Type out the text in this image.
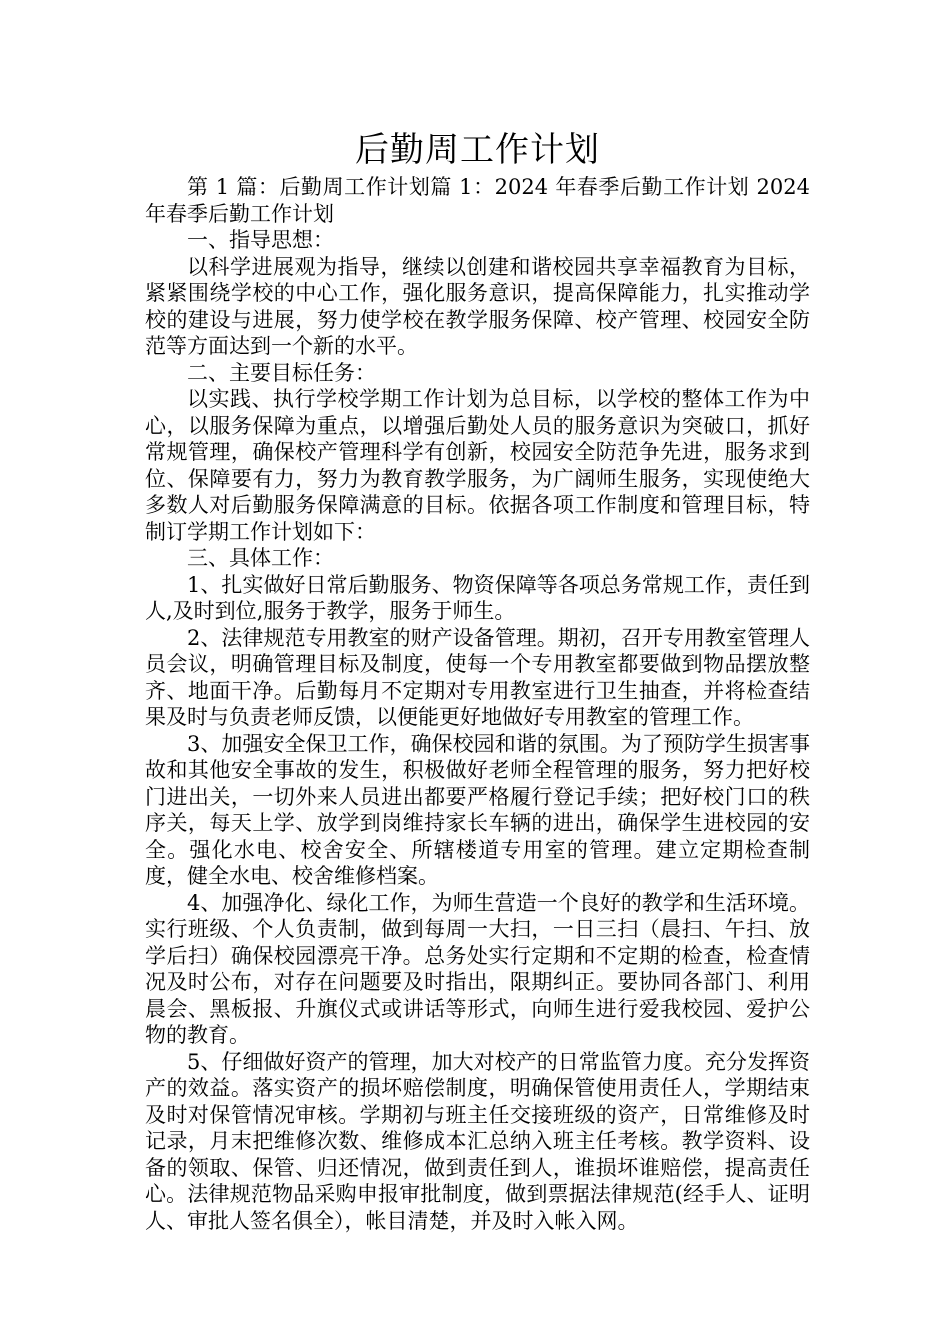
后勤周工作计划

第 1 篇：后勤周工作计划篇 1：2024 年春季后勤工作计划 2024 年春季后勤工作计划

一、指导思想：

以科学进展观为指导，继续以创建和谐校园共享幸福教育为目标，紧紧围绕学校的中心工作，强化服务意识，提高保障能力，扎实推动学校的建设与进展，努力使学校在教学服务保障、校产管理、校园安全防范等方面达到一个新的水平。

二、主要目标任务：

以实践、执行学校学期工作计划为总目标，以学校的整体工作为中心，以服务保障为重点，以增强后勤处人员的服务意识为突破口，抓好常规管理，确保校产管理科学有创新，校园安全防范争先进，服务求到位、保障要有力，努力为教育教学服务，为广阔师生服务，实现使绝大多数人对后勤服务保障满意的目标。依据各项工作制度和管理目标，特制订学期工作计划如下：

三、具体工作：

1、扎实做好日常后勤服务、物资保障等各项总务常规工作，责任到人,及时到位,服务于教学，服务于师生。

2、法律规范专用教室的财产设备管理。期初，召开专用教室管理人员会议，明确管理目标及制度，使每一个专用教室都要做到物品摆放整齐、地面干净。后勤每月不定期对专用教室进行卫生抽查，并将检查结果及时与负责老师反馈，以便能更好地做好专用教室的管理工作。

3、加强安全保卫工作，确保校园和谐的氛围。为了预防学生损害事故和其他安全事故的发生，积极做好老师全程管理的服务，努力把好校门进出关，一切外来人员进出都要严格履行登记手续；把好校门口的秩序关，每天上学、放学到岗维持家长车辆的进出，确保学生进校园的安全。强化水电、校舍安全、所辖楼道专用室的管理。建立定期检查制度，健全水电、校舍维修档案。

4、加强净化、绿化工作，为师生营造一个良好的教学和生活环境。实行班级、个人负责制，做到每周一大扫，一日三扫（晨扫、午扫、放学后扫）确保校园漂亮干净。总务处实行定期和不定期的检查，检查情况及时公布，对存在问题要及时指出，限期纠正。要协同各部门、利用晨会、黑板报、升旗仪式或讲话等形式，向师生进行爱我校园、爱护公物的教育。

5、仔细做好资产的管理，加大对校产的日常监管力度。充分发挥资产的效益。落实资产的损坏赔偿制度，明确保管使用责任人，学期结束及时对保管情况审核。学期初与班主任交接班级的资产，日常维修及时记录，月末把维修次数、维修成本汇总纳入班主任考核。教学资料、设备的领取、保管、归还情况，做到责任到人，谁损坏谁赔偿，提高责任心。法律规范物品采购申报审批制度，做到票据法律规范(经手人、证明人、审批人签名俱全），帐目清楚，并及时入帐入网。
